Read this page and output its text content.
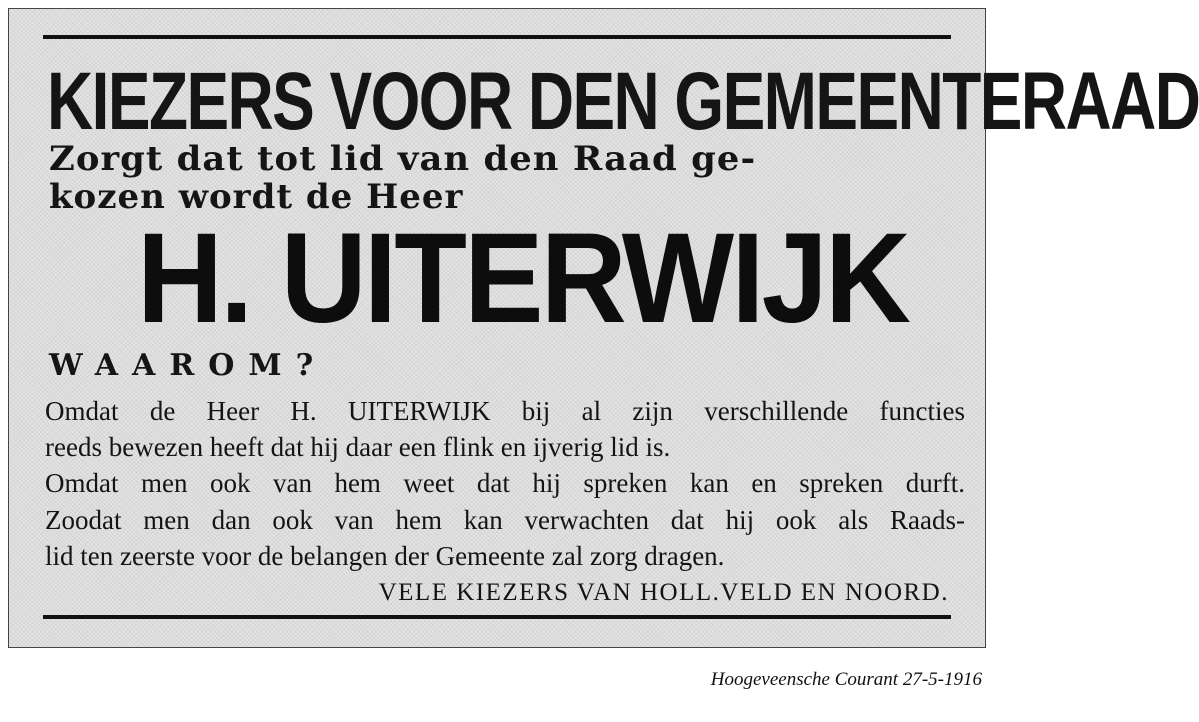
KIEZERS VOOR DEN GEMEENTERAAD

Zorgt dat tot lid van den Raad ge-

kozen wordt de Heer

H. UITERWIJK

WAAROM?

Omdat de Heer H. UITERWIJK bij al zijn verschillende functies

reeds bewezen heeft dat hij daar een flink en ijverig lid is.

Omdat men ook van hem weet dat hij spreken kan en spreken durft.

Zoodat men dan ook van hem kan verwachten dat hij ook als Raads-

lid ten zeerste voor de belangen der Gemeente zal zorg dragen.

VELE KIEZERS VAN HOLL.VELD EN NOORD.

Hoogeveensche Courant 27-5-1916
